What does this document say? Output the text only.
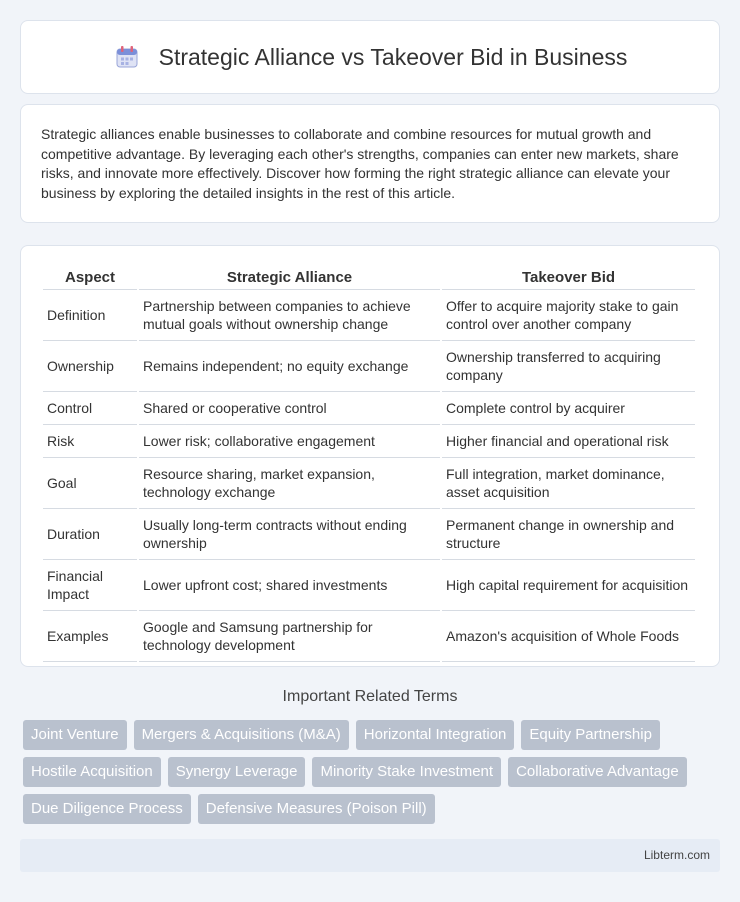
Strategic Alliance vs Takeover Bid in Business

Strategic alliances enable businesses to collaborate and combine resources for mutual growth and competitive advantage. By leveraging each other's strengths, companies can enter new markets, share risks, and innovate more effectively. Discover how forming the right strategic alliance can elevate your business by exploring the detailed insights in the rest of this article.

Aspect	Strategic Alliance	Takeover Bid
Definition	Partnership between companies to achieve mutual goals without ownership change	Offer to acquire majority stake to gain control over another company
Ownership	Remains independent; no equity exchange	Ownership transferred to acquiring company
Control	Shared or cooperative control	Complete control by acquirer
Risk	Lower risk; collaborative engagement	Higher financial and operational risk
Goal	Resource sharing, market expansion, technology exchange	Full integration, market dominance, asset acquisition
Duration	Usually long-term contracts without ending ownership	Permanent change in ownership and structure
Financial Impact	Lower upfront cost; shared investments	High capital requirement for acquisition
Examples	Google and Samsung partnership for technology development	Amazon's acquisition of Whole Foods
Important Related Terms
Joint Venture	Mergers & Acquisitions (M&A)	Horizontal Integration	Equity Partnership
Hostile Acquisition	Synergy Leverage	Minority Stake Investment	Collaborative Advantage
Due Diligence Process	Defensive Measures (Poison Pill)
Libterm.com
